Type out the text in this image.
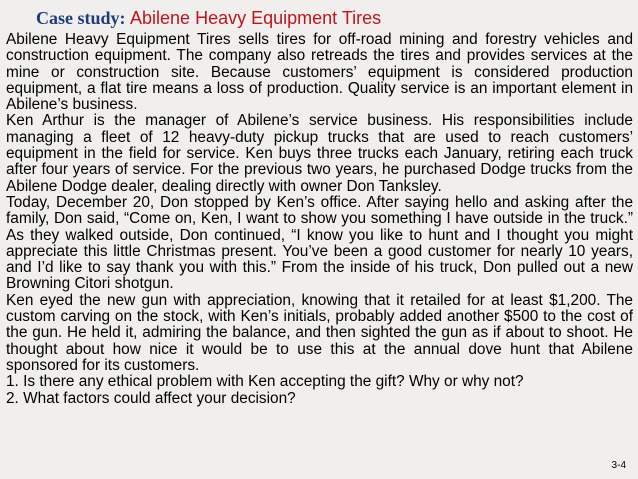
Case study: Abilene Heavy Equipment Tires

Abilene Heavy Equipment Tires sells tires for off-road mining and forestry vehicles and construction equipment. The company also retreads the tires and provides services at the mine or construction site. Because customers’ equipment is considered production equipment, a flat tire means a loss of production. Quality service is an important element in Abilene’s business.

Ken Arthur is the manager of Abilene’s service business. His responsibilities include managing a fleet of 12 heavy-duty pickup trucks that are used to reach customers’ equipment in the field for service. Ken buys three trucks each January, retiring each truck after four years of service. For the previous two years, he purchased Dodge trucks from the Abilene Dodge dealer, dealing directly with owner Don Tanksley.

Today, December 20, Don stopped by Ken’s office. After saying hello and asking after the family, Don said, “Come on, Ken, I want to show you something I have outside in the truck.” As they walked outside, Don continued, “I know you like to hunt and I thought you might appreciate this little Christmas present. You’ve been a good customer for nearly 10 years, and I’d like to say thank you with this.” From the inside of his truck, Don pulled out a new Browning Citori shotgun.

Ken eyed the new gun with appreciation, knowing that it retailed for at least $1,200. The custom carving on the stock, with Ken’s initials, probably added another $500 to the cost of the gun. He held it, admiring the balance, and then sighted the gun as if about to shoot. He thought about how nice it would be to use this at the annual dove hunt that Abilene sponsored for its customers.

1. Is there any ethical problem with Ken accepting the gift? Why or why not?

2. What factors could affect your decision?

3-4
